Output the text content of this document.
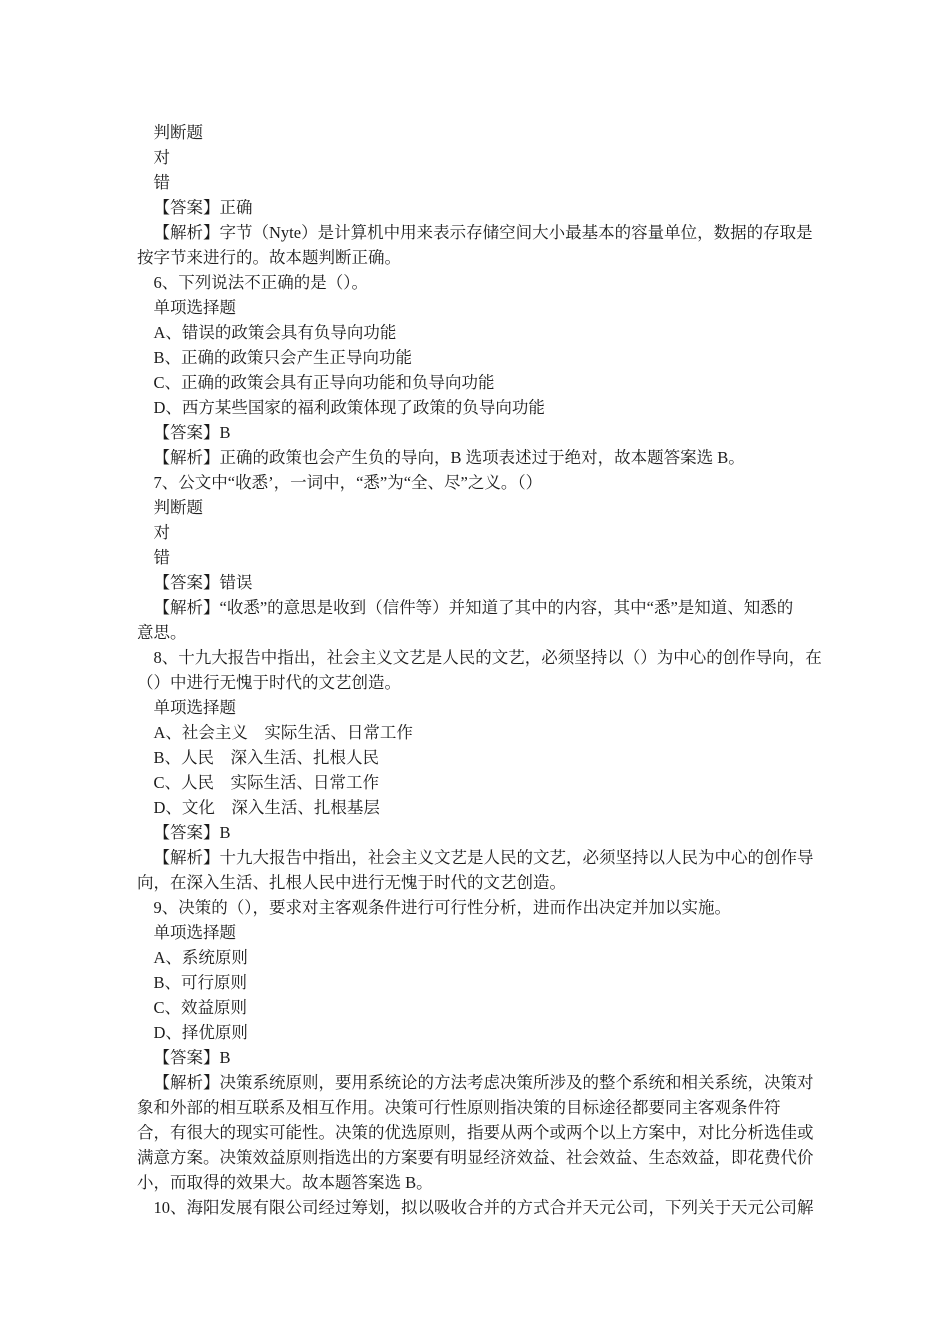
判断题
对
错
【答案】正确
【解析】字节（Nyte）是计算机中用来表示存储空间大小最基本的容量单位，数据的存取是
按字节来进行的。故本题判断正确。
6、下列说法不正确的是（）。
单项选择题
A、错误的政策会具有负导向功能
B、正确的政策只会产生正导向功能
C、正确的政策会具有正导向功能和负导向功能
D、西方某些国家的福利政策体现了政策的负导向功能
【答案】B
【解析】正确的政策也会产生负的导向，B 选项表述过于绝对，故本题答案选 B。
7、公文中“收悉’，一词中，“悉”为“全、尽”之义。（）
判断题
对
错
【答案】错误
【解析】“收悉”的意思是收到（信件等）并知道了其中的内容，其中“悉”是知道、知悉的
意思。
8、十九大报告中指出，社会主义文艺是人民的文艺，必须坚持以（）为中心的创作导向，在
（）中进行无愧于时代的文艺创造。
单项选择题
A、社会主义　实际生活、日常工作
B、人民　深入生活、扎根人民
C、人民　实际生活、日常工作
D、文化　深入生活、扎根基层
【答案】B
【解析】十九大报告中指出，社会主义文艺是人民的文艺，必须坚持以人民为中心的创作导
向，在深入生活、扎根人民中进行无愧于时代的文艺创造。
9、决策的（），要求对主客观条件进行可行性分析，进而作出决定并加以实施。
单项选择题
A、系统原则
B、可行原则
C、效益原则
D、择优原则
【答案】B
【解析】决策系统原则，要用系统论的方法考虑决策所涉及的整个系统和相关系统，决策对
象和外部的相互联系及相互作用。决策可行性原则指决策的目标途径都要同主客观条件符
合，有很大的现实可能性。决策的优选原则，指要从两个或两个以上方案中，对比分析选佳或
满意方案。决策效益原则指选出的方案要有明显经济效益、社会效益、生态效益，即花费代价
小，而取得的效果大。故本题答案选 B。
10、海阳发展有限公司经过筹划，拟以吸收合并的方式合并天元公司，下列关于天元公司解
